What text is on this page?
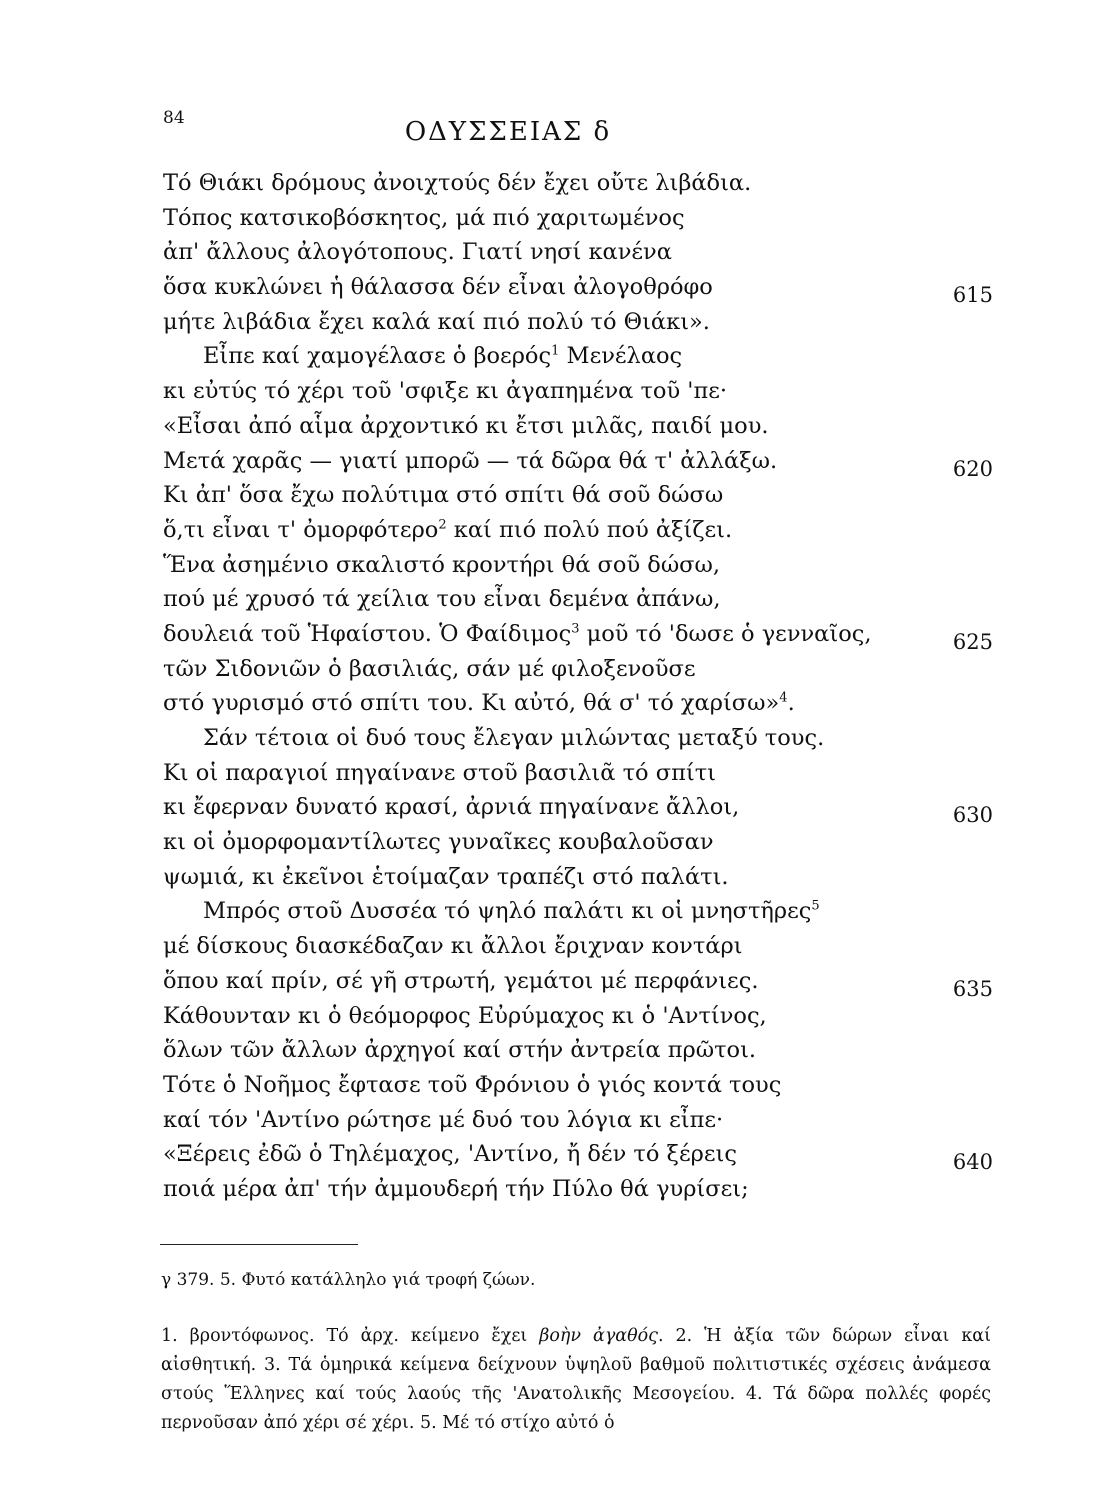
84	ΟΔΥΣΣΕΙΑΣ δ
Τό Θιάκι δρόμους ἀνοιχτούς δέν ἔχει οὔτε λιβάδια.
Τόπος κατσικοβόσκητος, μά πιό χαριτωμένος
ἀπ' ἄλλους ἀλογότοπους. Γιατί νησί κανένα
ὅσα κυκλώνει ἡ θάλασσα δέν εἶναι ἀλογοθρόφο	615
μήτε λιβάδια ἔχει καλά καί πιό πολύ τό Θιάκι».
Εἶπε καί χαμογέλασε ὁ βοερός$^1$ Μενέλαος
κι εὐτύς τό χέρι τοῦ 'σφιξε κι ἀγαπημένα τοῦ 'πε·
«Εἶσαι ἀπό αἷμα ἀρχοντικό κι ἔτσι μιλᾶς, παιδί μου.
Μετά χαρᾶς — γιατί μπορῶ — τά δῶρα θά τ' ἀλλάξω.	620
Κι ἀπ' ὅσα ἔχω πολύτιμα στό σπίτι θά σοῦ δώσω
ὅ,τι εἶναι τ' ὀμορφότερο$^2$ καί πιό πολύ πού ἀξίζει.
Ἕνα ἀσημένιο σκαλιστό κροντήρι θά σοῦ δώσω,
πού μέ χρυσό τά χείλια του εἶναι δεμένα ἀπάνω,
δουλειά τοῦ Ἡφαίστου. Ὁ Φαίδιμος$^3$ μοῦ τό 'δωσε ὁ γενναῖος,	625
τῶν Σιδονιῶν ὁ βασιλιάς, σάν μέ φιλοξενοῦσε
στό γυρισμό στό σπίτι του. Κι αὐτό, θά σ' τό χαρίσω»$^4$.
Σάν τέτοια οἱ δυό τους ἔλεγαν μιλώντας μεταξύ τους.
Κι οἱ παραγιοί πηγαίνανε στοῦ βασιλιᾶ τό σπίτι
κι ἔφερναν δυνατό κρασί, ἀρνιά πηγαίνανε ἄλλοι,	630
κι οἱ ὀμορφομαντίλωτες γυναῖκες κουβαλοῦσαν
ψωμιά, κι ἐκεῖνοι ἑτοίμαζαν τραπέζι στό παλάτι.
Μπρός στοῦ Δυσσέα τό ψηλό παλάτι κι οἱ μνηστῆρες$^5$
μέ δίσκους διασκέδαζαν κι ἄλλοι ἔριχναν κοντάρι
ὅπου καί πρίν, σέ γῆ στρωτή, γεμάτοι μέ περφάνιες.	635
Κάθουνταν κι ὁ θεόμορφος Εὐρύμαχος κι ὁ 'Αντίνος,
ὅλων τῶν ἄλλων ἀρχηγοί καί στήν ἀντρεία πρῶτοι.
Τότε ὁ Νοῆμος ἔφτασε τοῦ Φρόνιου ὁ γιός κοντά τους
καί τόν 'Αντίνο ρώτησε μέ δυό του λόγια κι εἶπε·
«Ξέρεις ἐδῶ ὁ Τηλέμαχος, 'Αντίνο, ἤ δέν τό ξέρεις	640
ποιά μέρα ἀπ' τήν ἀμμουδερή τήν Πύλο θά γυρίσει;
γ 379. 5. Φυτό κατάλληλο γιά τροφή ζώων.
1. βροντόφωνος. Τό ἀρχ. κείμενο ἔχει βοὴν ἀγαθός. 2. Ἡ ἀξία τῶν δώρων εἶναι καί αἰσθητική. 3. Τά ὁμηρικά κείμενα δείχνουν ὑψηλοῦ βαθμοῦ πολιτιστικές σχέσεις ἀνάμεσα στούς Ἕλληνες καί τούς λαούς τῆς 'Ανατολικῆς Μεσογείου. 4. Τά δῶρα πολλές φορές περνοῦσαν ἀπό χέρι σέ χέρι. 5. Μέ τό στίχο αὐτό ὁ
